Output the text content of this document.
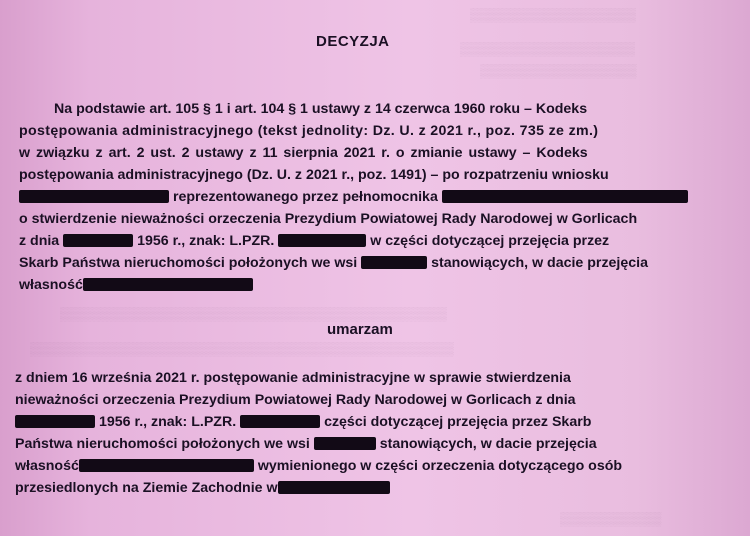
▒▒▒▒▒▒▒▒▒▒▒▒▒▒▒▒▒▒
▒▒▒▒▒▒▒▒▒▒▒▒▒▒▒▒▒▒▒
▒▒▒▒▒▒▒▒▒▒▒▒▒▒▒▒▒
▒▒▒▒▒▒▒▒▒▒▒▒▒▒▒▒▒▒▒▒▒▒▒▒▒▒▒▒▒▒▒▒▒▒▒▒▒▒▒▒▒▒
▒▒▒▒▒▒▒▒▒▒▒▒▒▒▒▒▒▒▒▒▒▒▒▒▒▒▒▒▒▒▒▒▒▒▒▒▒▒▒▒▒▒▒▒▒▒
▒▒▒▒▒▒▒▒▒▒▒
DECYZJA
Na podstawie art. 105 § 1 i art. 104 § 1 ustawy z 14 czerwca 1960 roku – Kodeks
postępowania administracyjnego (tekst jednolity: Dz. U. z 2021 r., poz. 735 ze zm.)
w związku z art. 2 ust. 2 ustawy z 11 sierpnia 2021 r. o zmianie ustawy – Kodeks
postępowania administracyjnego (Dz. U. z 2021 r., poz. 1491) – po rozpatrzeniu wniosku
reprezentowanego przez pełnomocnika
o stwierdzenie nieważności orzeczenia Prezydium Powiatowej Rady Narodowej w Gorlicach
z dnia	1956 r., znak: L.PZR.	w części dotyczącej przejęcia przez
Skarb Państwa nieruchomości położonych we wsi	stanowiących, w dacie przejęcia
własność
umarzam
z dniem 16 września 2021 r. postępowanie administracyjne w sprawie stwierdzenia
nieważności orzeczenia Prezydium Powiatowej Rady Narodowej w Gorlicach z dnia
1956 r., znak: L.PZR.	części dotyczącej przejęcia przez Skarb
Państwa nieruchomości położonych we wsi	stanowiących, w dacie przejęcia
własność	wymienionego w części orzeczenia dotyczącego osób
przesiedlonych na Ziemie Zachodnie w
